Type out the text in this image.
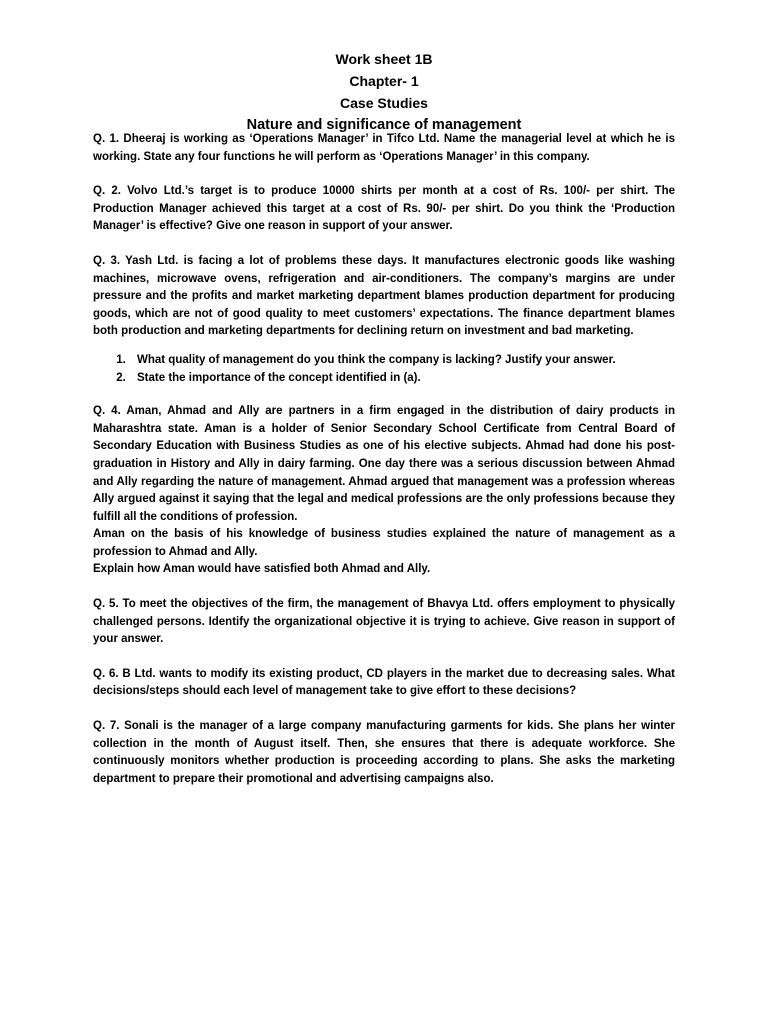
Work sheet 1B
Chapter- 1
Case Studies
Nature and significance of management

Q. 1. Dheeraj is working as ‘Operations Manager’ in Tifco Ltd. Name the managerial level at which he is working. State any four functions he will perform as ‘Operations Manager’ in this company.

Q. 2. Volvo Ltd.’s target is to produce 10000 shirts per month at a cost of Rs. 100/- per shirt. The Production Manager achieved this target at a cost of Rs. 90/- per shirt. Do you think the ‘Production Manager’ is effective? Give one reason in support of your answer.

Q. 3. Yash Ltd. is facing a lot of problems these days. It manufactures electronic goods like washing machines, microwave ovens, refrigeration and air-conditioners. The company’s margins are under pressure and the profits and market marketing department blames production department for producing goods, which are not of good quality to meet customers’ expectations. The finance department blames both production and marketing departments for declining return on investment and bad marketing.

1. What quality of management do you think the company is lacking? Justify your answer.
2. State the importance of the concept identified in (a).

Q. 4. Aman, Ahmad and Ally are partners in a firm engaged in the distribution of dairy products in Maharashtra state. Aman is a holder of Senior Secondary School Certificate from Central Board of Secondary Education with Business Studies as one of his elective subjects. Ahmad had done his post-graduation in History and Ally in dairy farming. One day there was a serious discussion between Ahmad and Ally regarding the nature of management. Ahmad argued that management was a profession whereas Ally argued against it saying that the legal and medical professions are the only professions because they fulfill all the conditions of profession.

Aman on the basis of his knowledge of business studies explained the nature of management as a profession to Ahmad and Ally.

Explain how Aman would have satisfied both Ahmad and Ally.

Q. 5. To meet the objectives of the firm, the management of Bhavya Ltd. offers employment to physically challenged persons. Identify the organizational objective it is trying to achieve. Give reason in support of your answer.

Q. 6. B Ltd. wants to modify its existing product, CD players in the market due to decreasing sales. What decisions/steps should each level of management take to give effort to these decisions?

Q. 7. Sonali is the manager of a large company manufacturing garments for kids. She plans her winter collection in the month of August itself. Then, she ensures that there is adequate workforce. She continuously monitors whether production is proceeding according to plans. She asks the marketing department to prepare their promotional and advertising campaigns also.
